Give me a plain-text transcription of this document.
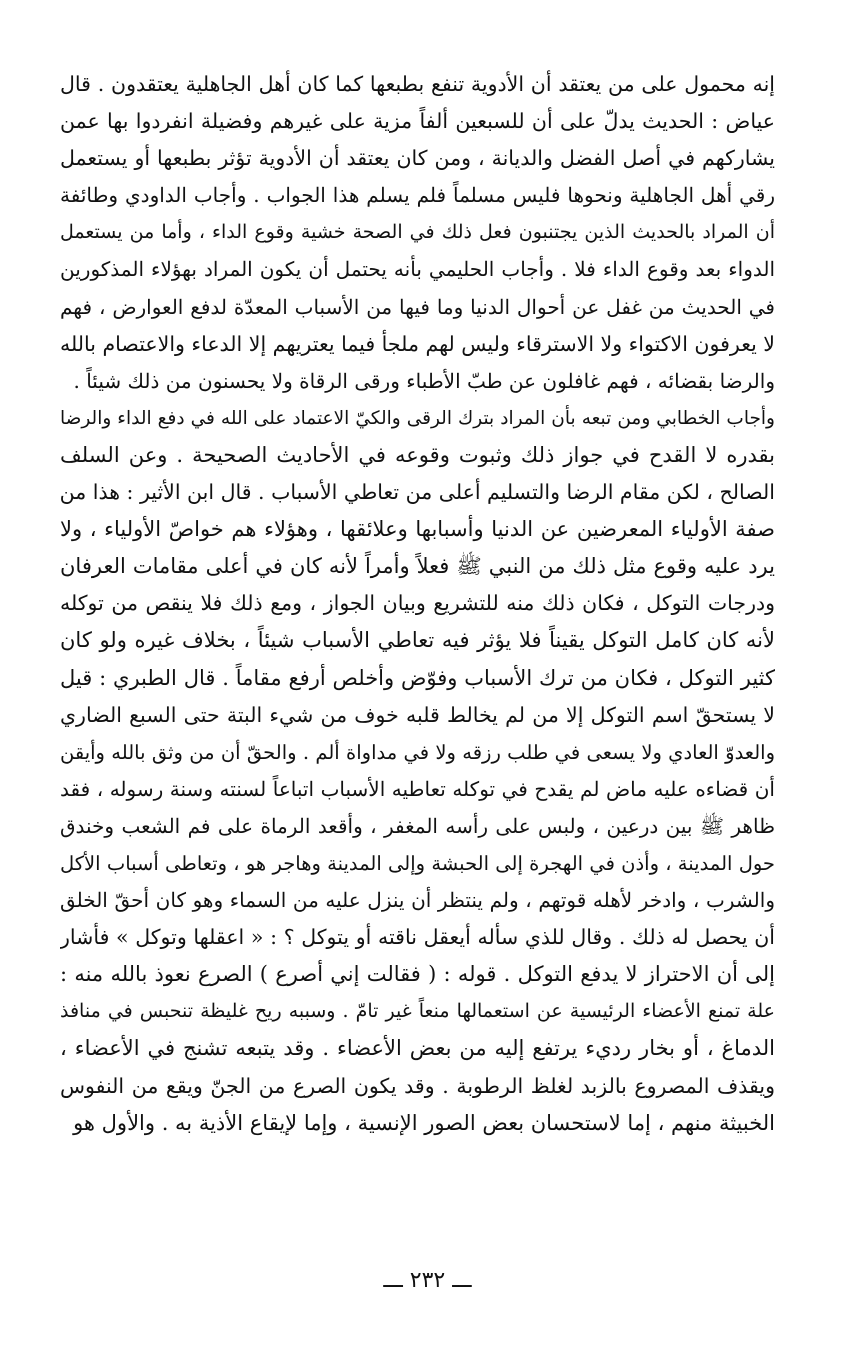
إنه محمول على من يعتقد أن الأدوية تنفع بطبعها كما كان أهل الجاهلية يعتقدون . قال
عياض : الحديث يدلّ على أن للسبعين ألفاً مزية على غيرهم وفضيلة انفردوا بها عمن
يشاركهم في أصل الفضل والديانة ، ومن كان يعتقد أن الأدوية تؤثر بطبعها أو يستعمل
رقي أهل الجاهلية ونحوها فليس مسلماً فلم يسلم هذا الجواب . وأجاب الداودي وطائفة
أن المراد بالحديث الذين يجتنبون فعل ذلك في الصحة خشية وقوع الداء ، وأما من يستعمل
الدواء بعد وقوع الداء فلا . وأجاب الحليمي بأنه يحتمل أن يكون المراد بهؤلاء المذكورين
في الحديث من غفل عن أحوال الدنيا وما فيها من الأسباب المعدّة لدفع العوارض ، فهم
لا يعرفون الاكتواء ولا الاسترقاء وليس لهم ملجأ فيما يعتريهم إلا الدعاء والاعتصام بالله
والرضا بقضائه ، فهم غافلون عن طبّ الأطباء ورقى الرقاة ولا يحسنون من ذلك شيئاً .
وأجاب الخطابي ومن تبعه بأن المراد بترك الرقى والكيّ الاعتماد على الله في دفع الداء والرضا
بقدره لا القدح في جواز ذلك وثبوت وقوعه في الأحاديث الصحيحة . وعن السلف
الصالح ، لكن مقام الرضا والتسليم أعلى من تعاطي الأسباب . قال ابن الأثير : هذا من
صفة الأولياء المعرضين عن الدنيا وأسبابها وعلائقها ، وهؤلاء هم خواصّ الأولياء ، ولا
يرد عليه وقوع مثل ذلك من النبي ﷺ فعلاً وأمراً لأنه كان في أعلى مقامات العرفان
ودرجات التوكل ، فكان ذلك منه للتشريع وبيان الجواز ، ومع ذلك فلا ينقص من توكله
لأنه كان كامل التوكل يقيناً فلا يؤثر فيه تعاطي الأسباب شيئاً ، بخلاف غيره ولو كان
كثير التوكل ، فكان من ترك الأسباب وفوّض وأخلص أرفع مقاماً . قال الطبري : قيل
لا يستحقّ اسم التوكل إلا من لم يخالط قلبه خوف من شيء البتة حتى السبع الضاري
والعدوّ العادي ولا يسعى في طلب رزقه ولا في مداواة ألم . والحقّ أن من وثق بالله وأيقن
أن قضاءه عليه ماض لم يقدح في توكله تعاطيه الأسباب اتباعاً لسنته وسنة رسوله ، فقد
ظاهر ﷺ بين درعين ، ولبس على رأسه المغفر ، وأقعد الرماة على فم الشعب وخندق
حول المدينة ، وأذن في الهجرة إلى الحبشة وإلى المدينة وهاجر هو ، وتعاطى أسباب الأكل
والشرب ، وادخر لأهله قوتهم ، ولم ينتظر أن ينزل عليه من السماء وهو كان أحقّ الخلق
أن يحصل له ذلك . وقال للذي سأله أيعقل ناقته أو يتوكل ؟ : « اعقلها وتوكل » فأشار
إلى أن الاحتراز لا يدفع التوكل . قوله : ( فقالت إني أصرع ) الصرع نعوذ بالله منه :
علة تمنع الأعضاء الرئيسية عن استعمالها منعاً غير تامّ . وسببه ريح غليظة تنحبس في منافذ
الدماغ ، أو بخار رديء يرتفع إليه من بعض الأعضاء . وقد يتبعه تشنج في الأعضاء ،
ويقذف المصروع بالزبد لغلظ الرطوبة . وقد يكون الصرع من الجنّ ويقع من النفوس
الخبيثة منهم ، إما لاستحسان بعض الصور الإنسية ، وإما لإيقاع الأذية به . والأول هو
ـــ ٢٣٢ ـــ
